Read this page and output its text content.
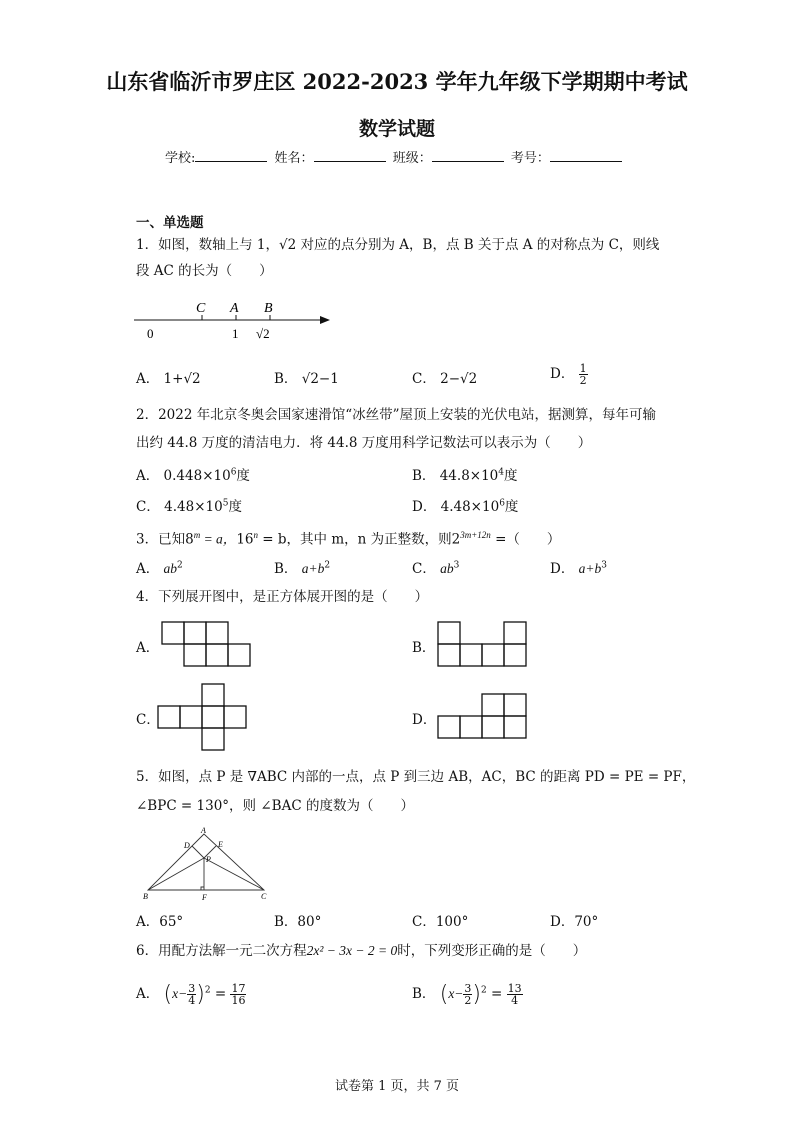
山东省临沂市罗庄区 2022-2023 学年九年级下学期期中考试
数学试题
学校:	姓名：	班级：	考号：
一、单选题
1．如图，数轴上与 1，√2 对应的点分别为 A，B，点 B 关于点 A 的对称点为 C，则线
段 AC 的长为（　　）
C A B
0	1 √2
A． 1+√2	B． √2−1	C． 2−√2	D． $\frac{1}{2}$
2．2022 年北京冬奥会国家速滑馆“冰丝带”屋顶上安装的光伏电站，据测算，每年可输
出约 44.8 万度的清洁电力．将 44.8 万度用科学记数法可以表示为（　　）
A． $0.448\times 10^6$度	B． $44.8\times 10^4$度
C． $4.48\times 10^5$度	D． $4.48\times 10^6$度
3．已知$8^m = a$，$16^n = b$，其中 m，n 为正整数，则$2^{3m+12n}$ =（　　）
A． $ab^2$	B． $a+b^2$	C． $ab^3$	D． $a+b^3$
4．下列展开图中，是正方体展开图的是（　　）
A．	B．
C．	D．
5．如图，点 P 是 ∇ABC 内部的一点，点 P 到三边 AB，AC，BC 的距离 PD = PE = PF，
∠BPC = 130°，则 ∠BAC 的度数为（　　）
A
B	C
D	E
F
P
A．65°	B．80°	C．100°	D．70°
6．用配方法解一元二次方程2x² − 3x − 2 = 0时，下列变形正确的是（　　）
A． $(x- \frac{3}{4} )^2 = \frac{17}{16}$	B． $(x- \frac{3}{2} )^2 = \frac{13}{4}$
试卷第 1 页，共 7 页
